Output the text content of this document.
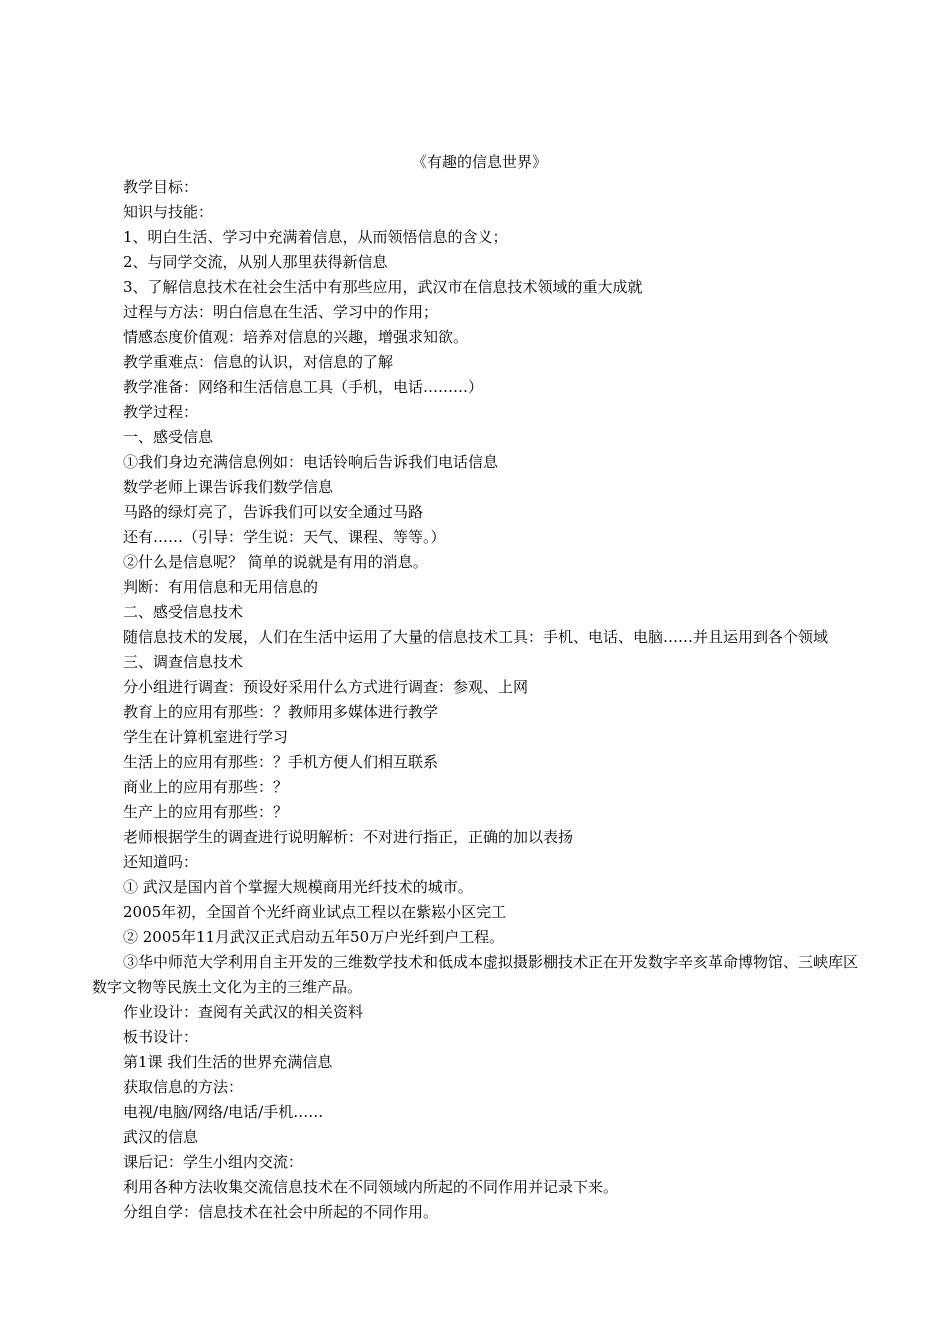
《有趣的信息世界》

教学目标：

知识与技能：

1、明白生活、学习中充满着信息，从而领悟信息的含义；

2、与同学交流，从别人那里获得新信息

3、了解信息技术在社会生活中有那些应用，武汉市在信息技术领域的重大成就

过程与方法：明白信息在生活、学习中的作用；

情感态度价值观：培养对信息的兴趣，增强求知欲。

教学重难点：信息的认识，对信息的了解

教学准备：网络和生活信息工具（手机，电话………）

教学过程：

一、感受信息

①我们身边充满信息例如：电话铃响后告诉我们电话信息

数学老师上课告诉我们数学信息

马路的绿灯亮了，告诉我们可以安全通过马路

还有……（引导：学生说：天气、课程、等等。）

②什么是信息呢？ 简单的说就是有用的消息。

判断：有用信息和无用信息的

二、感受信息技术

随信息技术的发展，人们在生活中运用了大量的信息技术工具：手机、电话、电脑……并且运用到各个领域

三、调查信息技术

分小组进行调查：预设好采用什么方式进行调查：参观、上网

教育上的应用有那些：？教师用多媒体进行教学

学生在计算机室进行学习

生活上的应用有那些：？手机方便人们相互联系

商业上的应用有那些：？

生产上的应用有那些：？

老师根据学生的调查进行说明解析：不对进行指正，正确的加以表扬

还知道吗：

① 武汉是国内首个掌握大规模商用光纤技术的城市。

2005年初，全国首个光纤商业试点工程以在紫崧小区完工

② 2005年11月武汉正式启动五年50万户光纤到户工程。

③华中师范大学利用自主开发的三维数学技术和低成本虚拟摄影棚技术正在开发数字辛亥革命博物馆、三峡库区数字文物等民族土文化为主的三维产品。

作业设计：查阅有关武汉的相关资料

板书设计：

第1课 我们生活的世界充满信息

获取信息的方法：

电视/电脑/网络/电话/手机……

武汉的信息

课后记：学生小组内交流：

利用各种方法收集交流信息技术在不同领域内所起的不同作用并记录下来。

分组自学：信息技术在社会中所起的不同作用。
